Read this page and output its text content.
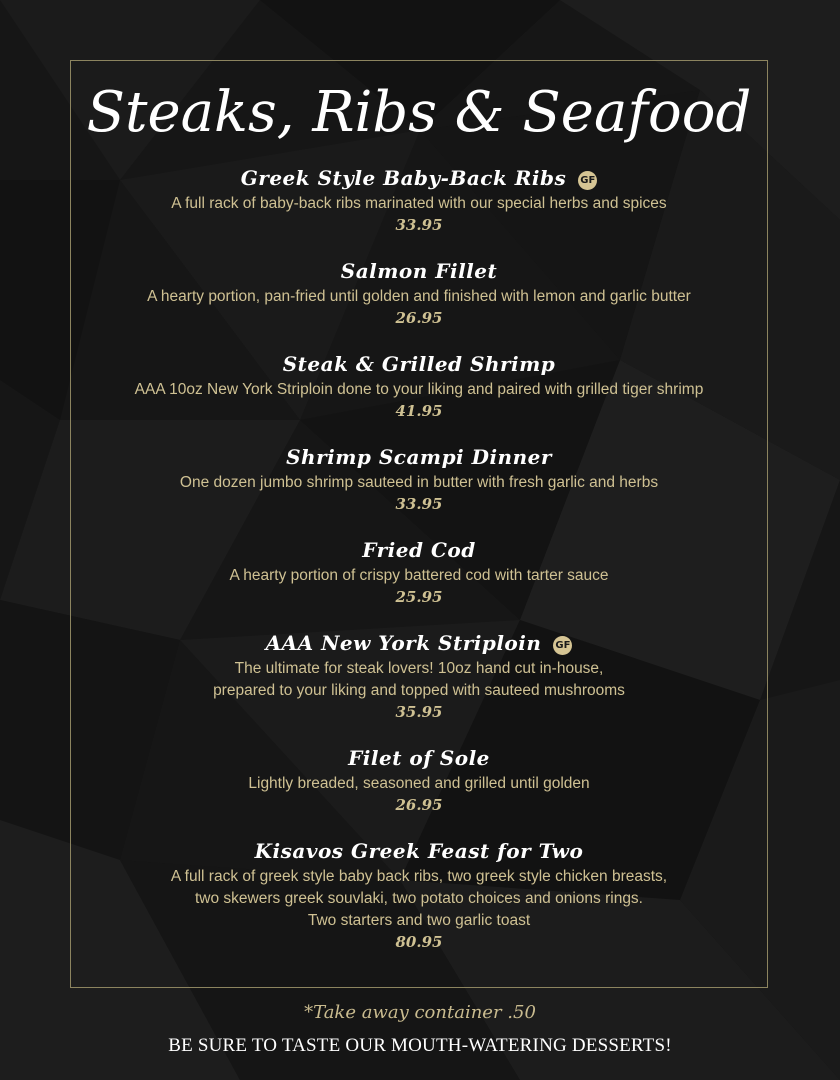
Steaks, Ribs & Seafood
Greek Style Baby-Back Ribs GF
A full rack of baby-back ribs marinated with our special herbs and spices
33.95
Salmon Fillet
A hearty portion, pan-fried until golden and finished with lemon and garlic butter
26.95
Steak & Grilled Shrimp
AAA 10oz New York Striploin done to your liking and paired with grilled tiger shrimp
41.95
Shrimp Scampi Dinner
One dozen jumbo shrimp sauteed in butter with fresh garlic and herbs
33.95
Fried Cod
A hearty portion of crispy battered cod with tarter sauce
25.95
AAA New York Striploin GF
The ultimate for steak lovers! 10oz hand cut in-house,
prepared to your liking and topped with sauteed mushrooms
35.95
Filet of Sole
Lightly breaded, seasoned and grilled until golden
26.95
Kisavos Greek Feast for Two
A full rack of greek style baby back ribs, two greek style chicken breasts,
two skewers greek souvlaki, two potato choices and onions rings.
Two starters and two garlic toast
80.95
*Take away container .50
BE SURE TO TASTE OUR MOUTH-WATERING DESSERTS!
